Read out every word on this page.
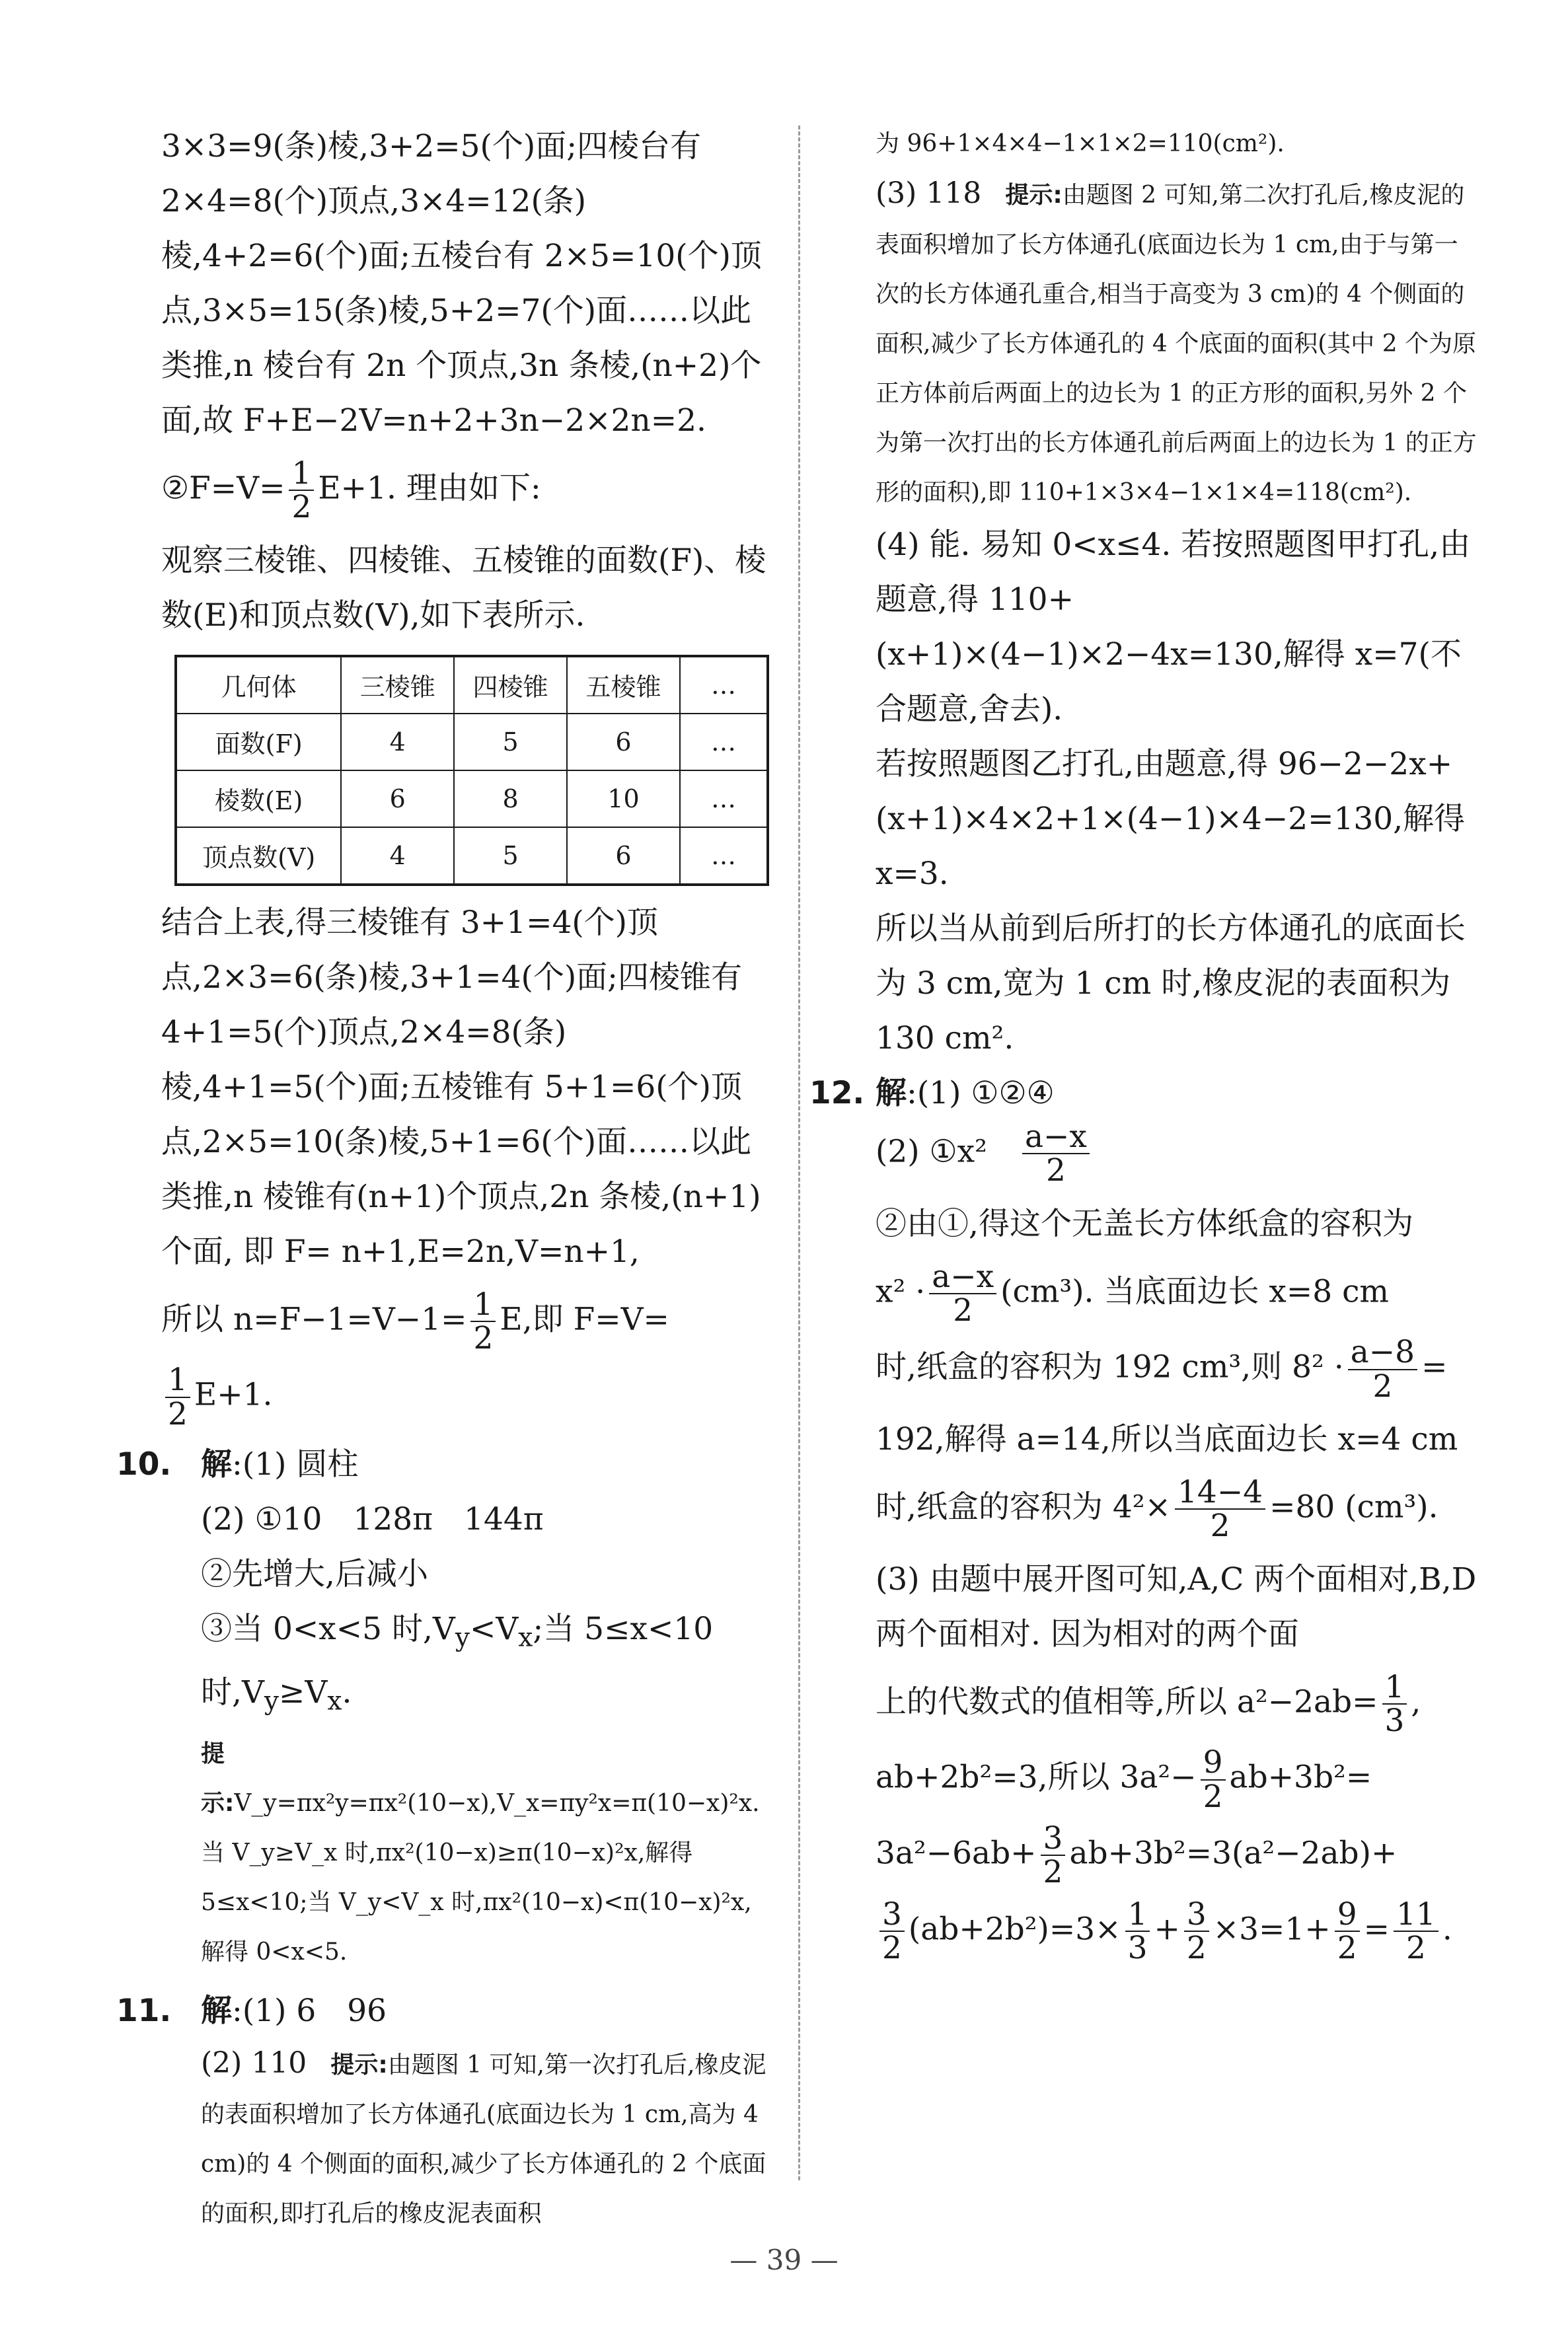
3×3=9(条)棱,3+2=5(个)面;四棱台有 2×4=8(个)顶点,3×4=12(条)棱,4+2=6(个)面;五棱台有 2×5=10(个)顶点,3×5=15(条)棱,5+2=7(个)面……以此类推,n 棱台有 2n 个顶点,3n 条棱,(n+2)个面,故 F+E−2V=n+2+3n−2×2n=2.

②F=V= $\frac{1}{2} E+1$. 理由如下:

观察三棱锥、四棱锥、五棱锥的面数(F)、棱数(E)和顶点数(V),如下表所示.

几何体	三棱锥	四棱锥	五棱锥	…
面数(F)	4	5	6	…
棱数(E)	6	8	10	…
顶点数(V)	4	5	6	…

结合上表,得三棱锥有 3+1=4(个)顶点,2×3=6(条)棱,3+1=4(个)面;四棱锥有 4+1=5(个)顶点,2×4=8(条)棱,4+1=5(个)面;五棱锥有 5+1=6(个)顶点,2×5=10(条)棱,5+1=6(个)面……以此类推,n 棱锥有(n+1)个顶点,2n 条棱,(n+1)个面, 即 F= n+1,E=2n,V=n+1,

所以 $n=F-1=V-1= \frac{1}{2} E$,即 F=V=

$\frac{1}{2} E+1$.

10. 解:(1) 圆柱

(2) ①10　128π　144π

②先增大,后减小

③当 0<x<5 时$,V_y<V_x$;当 5≤x<10

时$,V_y\ge V_x$.

提示:V_y=πx²y=πx²(10−x),V_x=πy²x=π(10−x)²x. 当 V_y≥V_x 时,πx²(10−x)≥π(10−x)²x,解得 5≤x<10;当 V_y<V_x 时,πx²(10−x)<π(10−x)²x,解得 0<x<5.

11. 解:(1) 6　96

(2) 110　 提示:由题图 1 可知,第一次打孔后,橡皮泥的表面积增加了长方体通孔(底面边长为 1 cm,高为 4 cm)的 4 个侧面的面积,减少了长方体通孔的 2 个底面的面积,即打孔后的橡皮泥表面积

为 96+1×4×4−1×1×2=110(cm²).

(3) 118　 提示:由题图 2 可知,第二次打孔后,橡皮泥的表面积增加了长方体通孔(底面边长为 1 cm,由于与第一次的长方体通孔重合,相当于高变为 3 cm)的 4 个侧面的面积,减少了长方体通孔的 4 个底面的面积(其中 2 个为原正方体前后两面上的边长为 1 的正方形的面积,另外 2 个为第一次打出的长方体通孔前后两面上的边长为 1 的正方形的面积),即 110+1×3×4−1×1×4=118(cm²).

(4) 能. 易知 0<x≤4. 若按照题图甲打孔,由题意,得 110+(x+1)×(4−1)×2−4x=130,解得 x=7(不合题意,舍去).

若按照题图乙打孔,由题意,得 96−2−2x+(x+1)×4×2+1×(4−1)×4−2=130,解得 x=3.

所以当从前到后所打的长方体通孔的底面长为 3 cm,宽为 1 cm 时,橡皮泥的表面积为 130 cm².

12. 解:(1) ①②④

(2) ①x²　 $\frac{a-x}{2}$

②由①,得这个无盖长方体纸盒的容积为

$x^2 \cdot \frac{a-x}{2} (cm^3)$. 当底面边长 x=8 cm

时,纸盒的容积为 192 cm³,则 $8^2 \cdot \frac{a-8}{2}$ =

192,解得 a=14,所以当底面边长 x=4 cm

时,纸盒的容积为 $4^2\times \frac{14-4}{2} =80$ (cm³).

(3) 由题中展开图可知,A,C 两个面相对,B,D 两个面相对. 因为相对的两个面

上的代数式的值相等,所以 $a^2-2ab= \frac{1}{3}$ ,

ab+2b²=3,所以 $3a^2- \frac{9}{2} ab+3b^2=$

$3a^2-6ab+ \frac{3}{2} ab+3b^2=3(a^2-2ab)+$

$\frac{3}{2} (ab+2b^2)=3\times \frac{1}{3} + \frac{3}{2} \times 3=1+ \frac{9}{2} = \frac{11}{2}$ .

— 39 —
